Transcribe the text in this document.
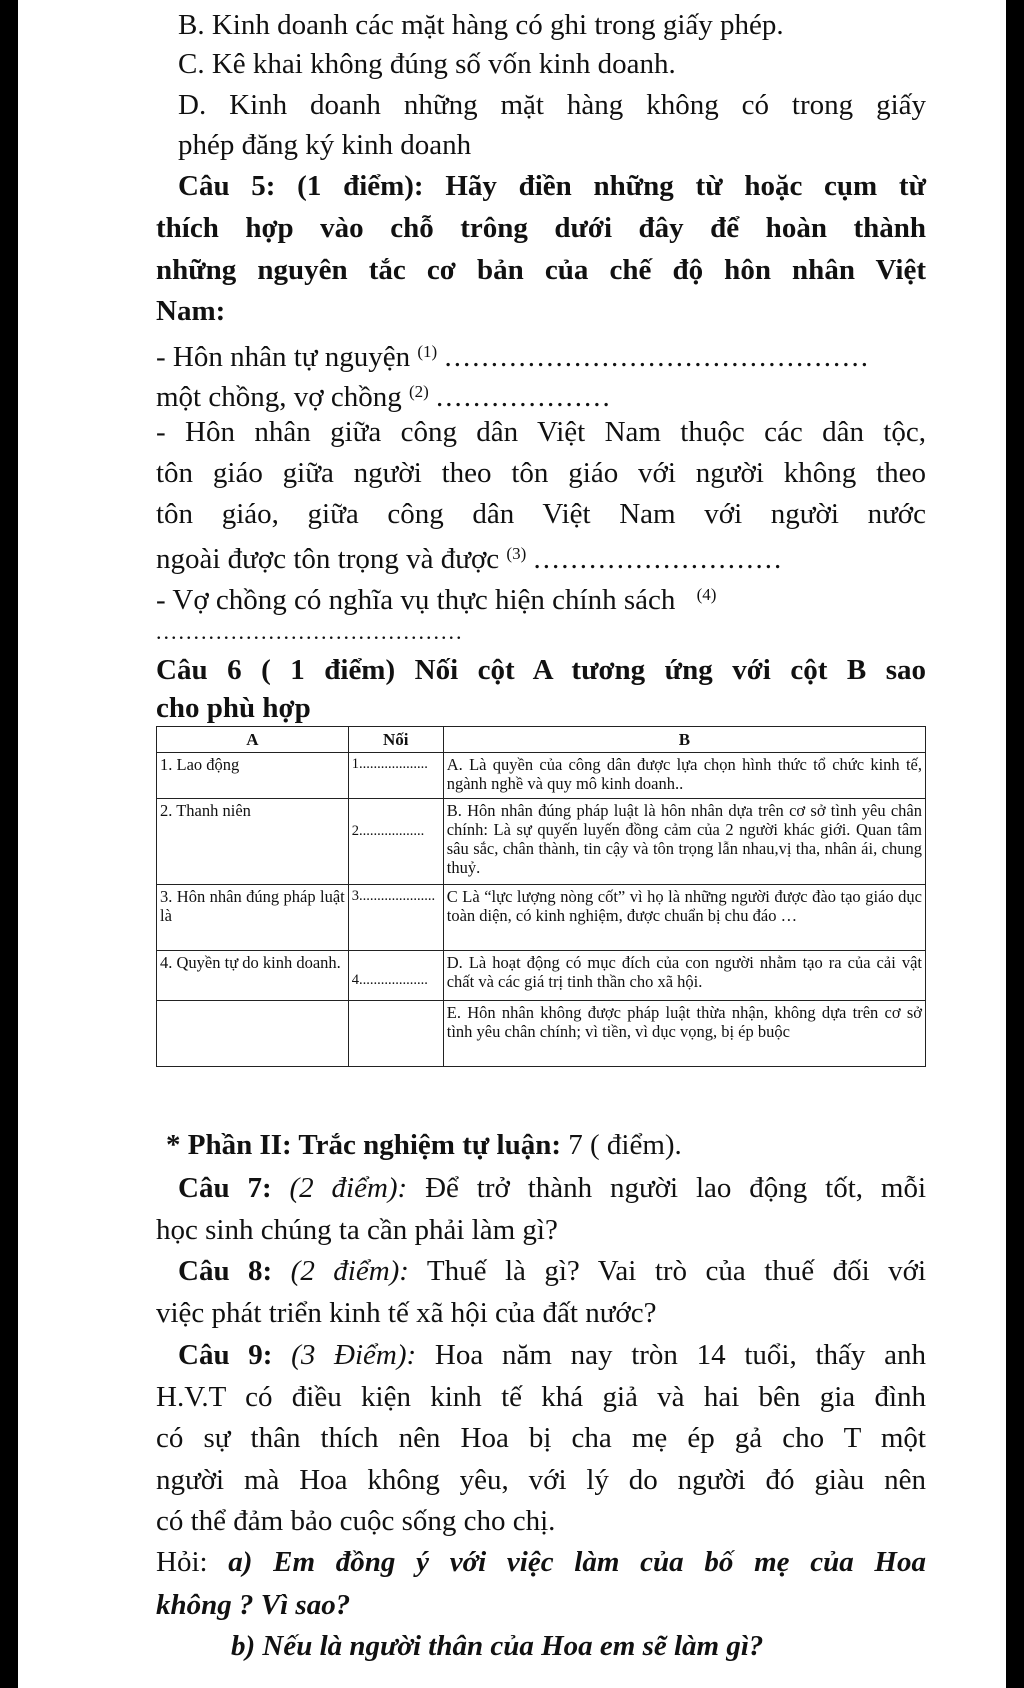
B. Kinh doanh các mặt hàng có ghi trong giấy phép.
C. Kê khai không đúng số vốn kinh doanh.
D. Kinh doanh những mặt hàng không có trong giấy
phép đăng ký kinh doanh
Câu 5: (1 điểm): Hãy điền những từ hoặc cụm từ
thích hợp vào chỗ trông dưới đây để hoàn thành
những nguyên tắc cơ bản của chế độ hôn nhân Việt
Nam:
- Hôn nhân tự nguyện $^{(1)}$ ..............................................
một chồng, vợ chồng $^{(2)}$ ...................
- Hôn nhân giữa công dân Việt Nam thuộc các dân tộc,
tôn giáo giữa người theo tôn giáo với người không theo
tôn giáo, giữa công dân Việt Nam với người nước
ngoài được tôn trọng và được $^{(3)}$ ...........................
- Vợ chồng có nghĩa vụ thực hiện chính sách $^{(4)}$
.........................................
Câu 6 ( 1 điểm) Nối cột A tương ứng với cột B sao
cho phù hợp
A	Nối	B
1. Lao động	1...................	A. Là quyền của công dân được lựa chọn hình thức tổ chức kinh tế, ngành nghề và quy mô kinh doanh..
2. Thanh niên	2..................	B. Hôn nhân đúng pháp luật là hôn nhân dựa trên cơ sở tình yêu chân chính: Là sự quyến luyến đồng cảm của 2 người khác giới. Quan tâm sâu sắc, chân thành, tin cậy và tôn trọng lẫn nhau,vị tha, nhân ái, chung thuỷ.
3. Hôn nhân đúng pháp luật là	3.....................	C Là “lực lượng nòng cốt” vì họ là những người được đào tạo giáo dục toàn diện, có kinh nghiệm, được chuẩn bị chu đáo …
4. Quyền tự do kinh doanh.	4...................	D. Là hoạt động có mục đích của con người nhằm tạo ra của cải vật chất và các giá trị tinh thần cho xã hội.
		E. Hôn nhân không được pháp luật thừa nhận, không dựa trên cơ sở tình yêu chân chính; vì tiền, vì dục vọng, bị ép buộc
* Phần II: Trắc nghiệm tự luận: 7 ( điểm).
Câu 7: (2 điểm): Để trở thành người lao động tốt, mỗi
học sinh chúng ta cần phải làm gì?
Câu 8: (2 điểm): Thuế là gì? Vai trò của thuế đối với
việc phát triển kinh tế xã hội của đất nước?
Câu 9: (3 Điểm): Hoa năm nay tròn 14 tuổi, thấy anh
H.V.T có điều kiện kinh tế khá giả và hai bên gia đình
có sự thân thích nên Hoa bị cha mẹ ép gả cho T một
người mà Hoa không yêu, với lý do người đó giàu nên
có thể đảm bảo cuộc sống cho chị.
Hỏi: a) Em đồng ý với việc làm của bố mẹ của Hoa
không ? Vì sao?
b) Nếu là người thân của Hoa em sẽ làm gì?
